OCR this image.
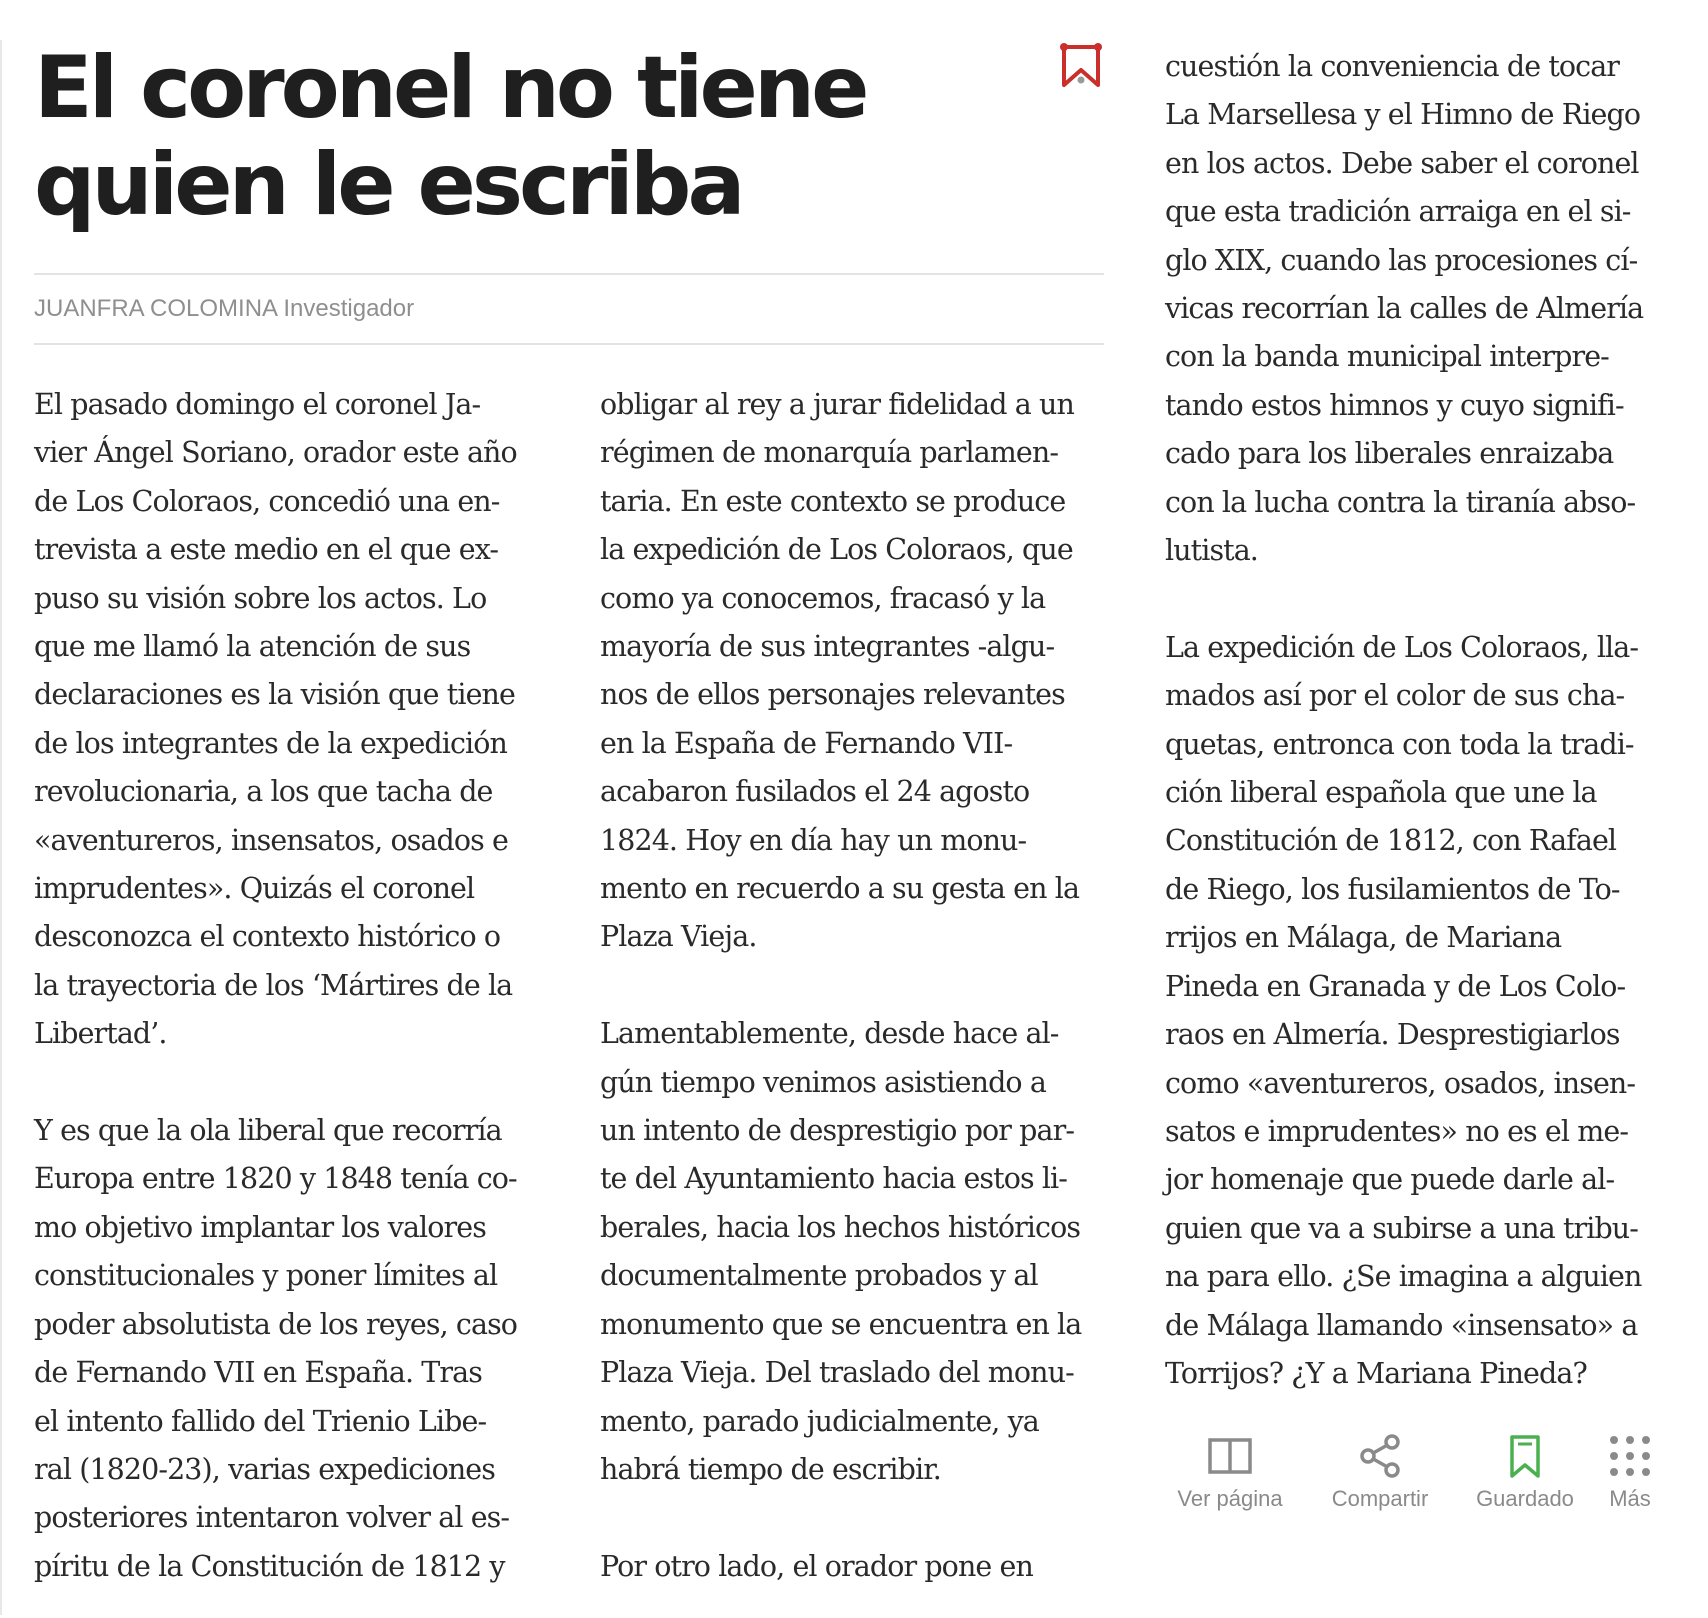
El coronel no tiene quien le escriba
JUANFRA COLOMINA Investigador

El pasado domingo el coronel Ja-
vier Ángel Soriano, orador este año
de Los Coloraos, concedió una en-
trevista a este medio en el que ex-
puso su visión sobre los actos. Lo
que me llamó la atención de sus
declaraciones es la visión que tiene
de los integrantes de la expedición
revolucionaria, a los que tacha de
«aventureros, insensatos, osados e
imprudentes». Quizás el coronel
desconozca el contexto histórico o
la trayectoria de los ‘Mártires de la
Libertad’.
Y es que la ola liberal que recorría
Europa entre 1820 y 1848 tenía co-
mo objetivo implantar los valores
constitucionales y poner límites al
poder absolutista de los reyes, caso
de Fernando VII en España. Tras
el intento fallido del Trienio Libe-
ral (1820-23), varias expediciones
posteriores intentaron volver al es-
píritu de la Constitución de 1812 y

obligar al rey a jurar fidelidad a un
régimen de monarquía parlamen-
taria. En este contexto se produce
la expedición de Los Coloraos, que
como ya conocemos, fracasó y la
mayoría de sus integrantes -algu-
nos de ellos personajes relevantes
en la España de Fernando VII-
acabaron fusilados el 24 agosto
1824. Hoy en día hay un monu-
mento en recuerdo a su gesta en la
Plaza Vieja.
Lamentablemente, desde hace al-
gún tiempo venimos asistiendo a
un intento de desprestigio por par-
te del Ayuntamiento hacia estos li-
berales, hacia los hechos históricos
documentalmente probados y al
monumento que se encuentra en la
Plaza Vieja. Del traslado del monu-
mento, parado judicialmente, ya
habrá tiempo de escribir.
Por otro lado, el orador pone en

cuestión la conveniencia de tocar
La Marsellesa y el Himno de Riego
en los actos. Debe saber el coronel
que esta tradición arraiga en el si-
glo XIX, cuando las procesiones cí-
vicas recorrían la calles de Almería
con la banda municipal interpre-
tando estos himnos y cuyo signifi-
cado para los liberales enraizaba
con la lucha contra la tiranía abso-
lutista.
La expedición de Los Coloraos, lla-
mados así por el color de sus cha-
quetas, entronca con toda la tradi-
ción liberal española que une la
Constitución de 1812, con Rafael
de Riego, los fusilamientos de To-
rrijos en Málaga, de Mariana
Pineda en Granada y de Los Colo-
raos en Almería. Desprestigiarlos
como «aventureros, osados, insen-
satos e imprudentes» no es el me-
jor homenaje que puede darle al-
guien que va a subirse a una tribu-
na para ello. ¿Se imagina a alguien
de Málaga llamando «insensato» a
Torrijos? ¿Y a Mariana Pineda?

Ver página	Compartir	Guardado	Más
